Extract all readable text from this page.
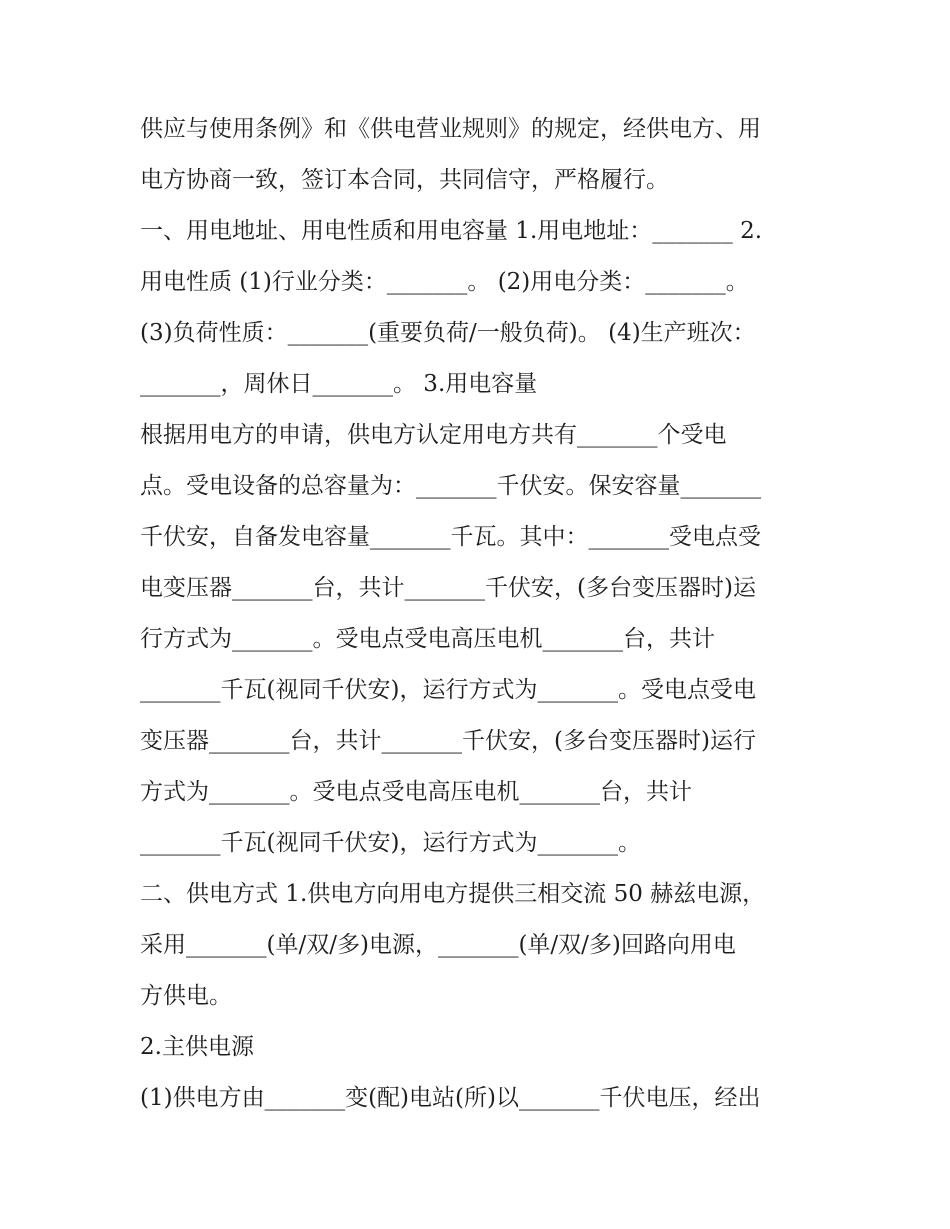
供应与使用条例》和《供电营业规则》的规定，经供电方、用
电方协商一致，签订本合同，共同信守，严格履行。
一、用电地址、用电性质和用电容量 1.用电地址：_______ 2.
用电性质 (1)行业分类：_______。 (2)用电分类：_______。
(3)负荷性质：_______(重要负荷/一般负荷)。 (4)生产班次：
_______，周休日_______。 3.用电容量
根据用电方的申请，供电方认定用电方共有_______个受电
点。受电设备的总容量为：_______千伏安。保安容量_______
千伏安，自备发电容量_______千瓦。其中：_______受电点受
电变压器_______台，共计_______千伏安，(多台变压器时)运
行方式为_______。受电点受电高压电机_______台，共计
_______千瓦(视同千伏安)，运行方式为_______。受电点受电
变压器_______台，共计_______千伏安，(多台变压器时)运行
方式为_______。受电点受电高压电机_______台，共计
_______千瓦(视同千伏安)，运行方式为_______。
二、供电方式 1.供电方向用电方提供三相交流 50 赫兹电源，
采用_______(单/双/多)电源，_______(单/双/多)回路向用电
方供电。
2.主供电源
(1)供电方由_______变(配)电站(所)以_______千伏电压，经出
